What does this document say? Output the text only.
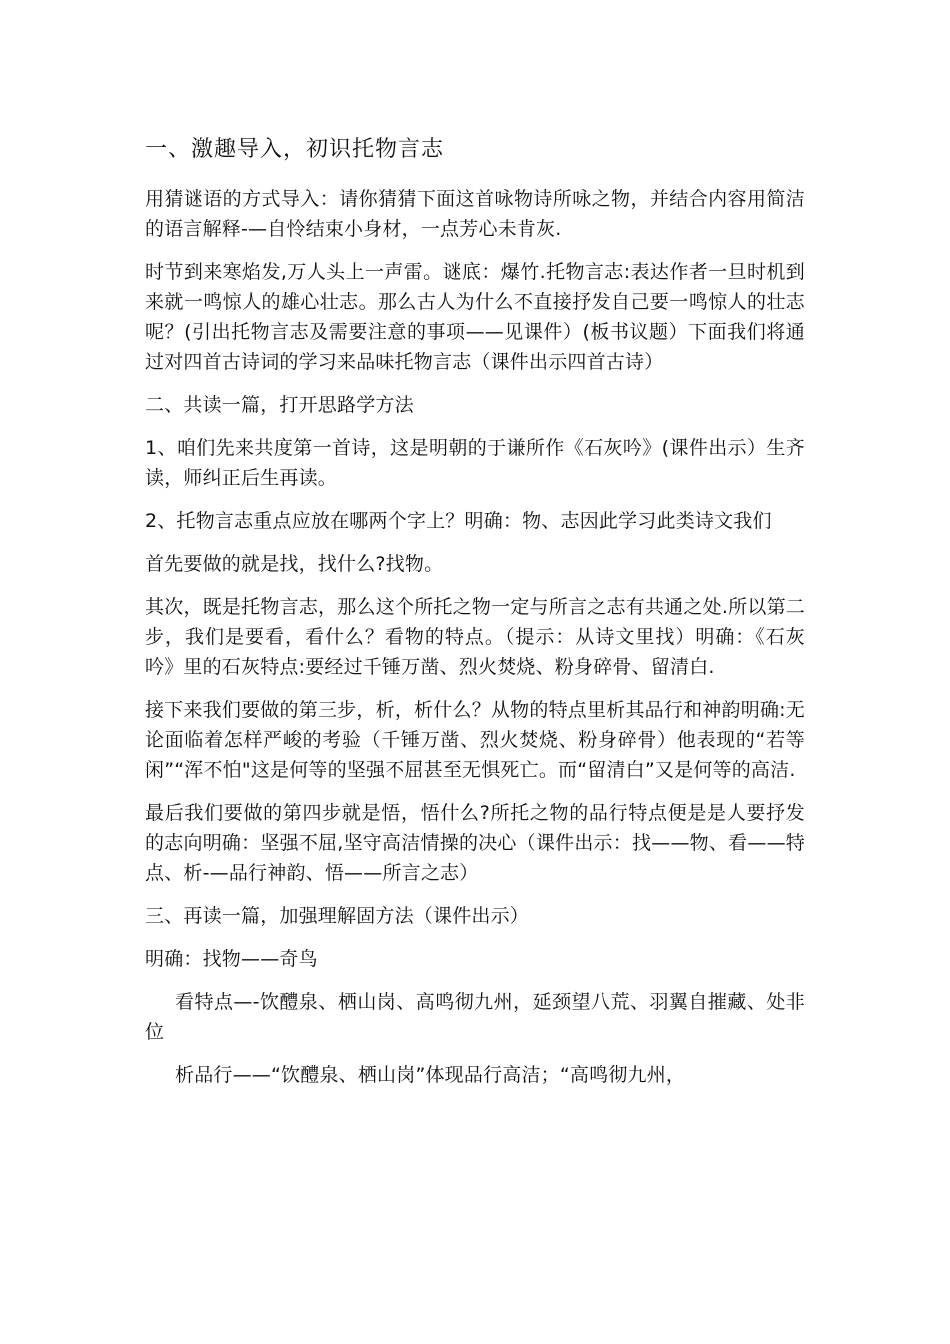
一、激趣导入，初识托物言志

用猜谜语的方式导入：请你猜猜下面这首咏物诗所咏之物，并结合内容用简洁的语言解释-—自怜结束小身材，一点芳心未肯灰.

时节到来寒焰发,万人头上一声雷。谜底：爆竹.托物言志:表达作者一旦时机到来就一鸣惊人的雄心壮志。那么古人为什么不直接抒发自己要一鸣惊人的壮志呢？(引出托物言志及需要注意的事项——见课件）(板书议题）下面我们将通过对四首古诗词的学习来品味托物言志（课件出示四首古诗）

二、共读一篇，打开思路学方法

1、咱们先来共度第一首诗，这是明朝的于谦所作《石灰吟》(课件出示）生齐读，师纠正后生再读。

2、托物言志重点应放在哪两个字上？明确：物、志因此学习此类诗文我们

首先要做的就是找，找什么?找物。

其次，既是托物言志，那么这个所托之物一定与所言之志有共通之处.所以第二步，我们是要看，看什么？看物的特点。（提示：从诗文里找）明确：《石灰吟》里的石灰特点:要经过千锤万凿、烈火焚烧、粉身碎骨、留清白.

接下来我们要做的第三步，析，析什么？从物的特点里析其品行和神韵明确:无论面临着怎样严峻的考验（千锤万凿、烈火焚烧、粉身碎骨）他表现的“若等闲”“浑不怕"这是何等的坚强不屈甚至无惧死亡。而“留清白”又是何等的高洁.

最后我们要做的第四步就是悟，悟什么?所托之物的品行特点便是是人要抒发的志向明确：坚强不屈,坚守高洁情操的决心（课件出示：找——物、看——特点、析-—品行神韵、悟——所言之志）

三、再读一篇，加强理解固方法（课件出示）

明确：找物——奇鸟

看特点—-饮醴泉、栖山岗、高鸣彻九州，延颈望八荒、羽翼自摧藏、处非位

析品行——“饮醴泉、栖山岗”体现品行高洁；“高鸣彻九州，
